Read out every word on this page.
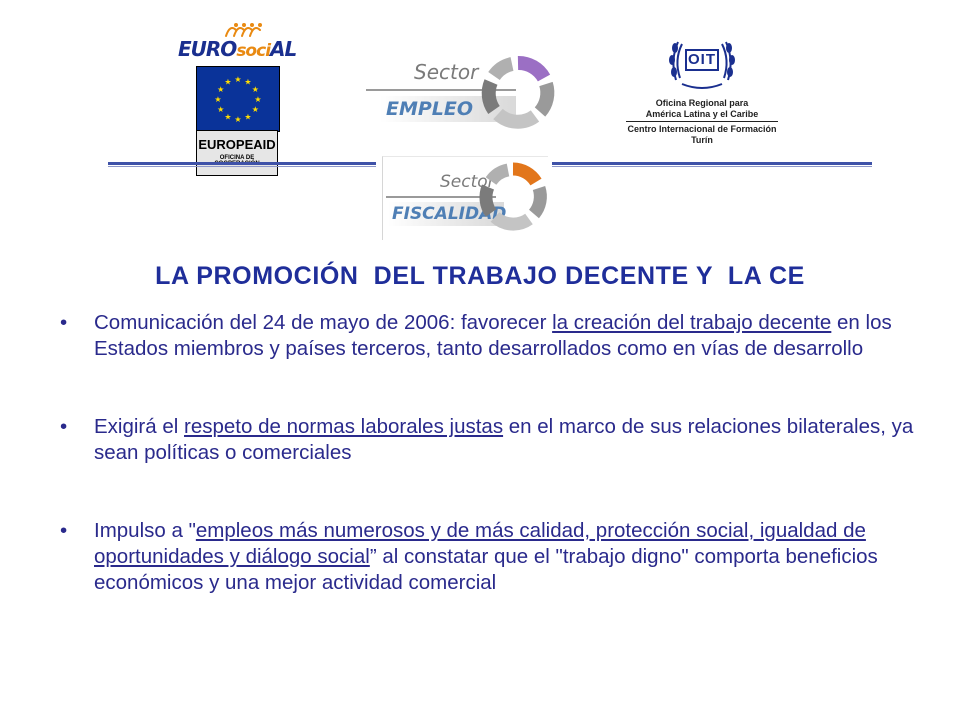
EUROsociAL
★ ★
★
★
★
★
★
★
★
★
★
★
EUROPEAID
OFICINA DE
Sector
EMPLEO
OIT
Oficina Regional para
América Latina y el Caribe
Centro Internacional de Formación
Turín
Sector
FISCALIDAD
LA PROMOCIÓN  DEL TRABAJO DECENTE Y  LA CE
• Comunicación del 24 de mayo de 2006: favorecer la creación del trabajo decente en los Estados miembros y países terceros, tanto desarrollados como en vías de desarrollo
• Exigirá el respeto de normas laborales justas en el marco de sus relaciones bilaterales, ya sean políticas o comerciales
• Impulso a "empleos más numerosos y de más calidad, protección social, igualdad de oportunidades y diálogo social” al constatar que el "trabajo digno" comporta beneficios económicos y una mejor actividad comercial
